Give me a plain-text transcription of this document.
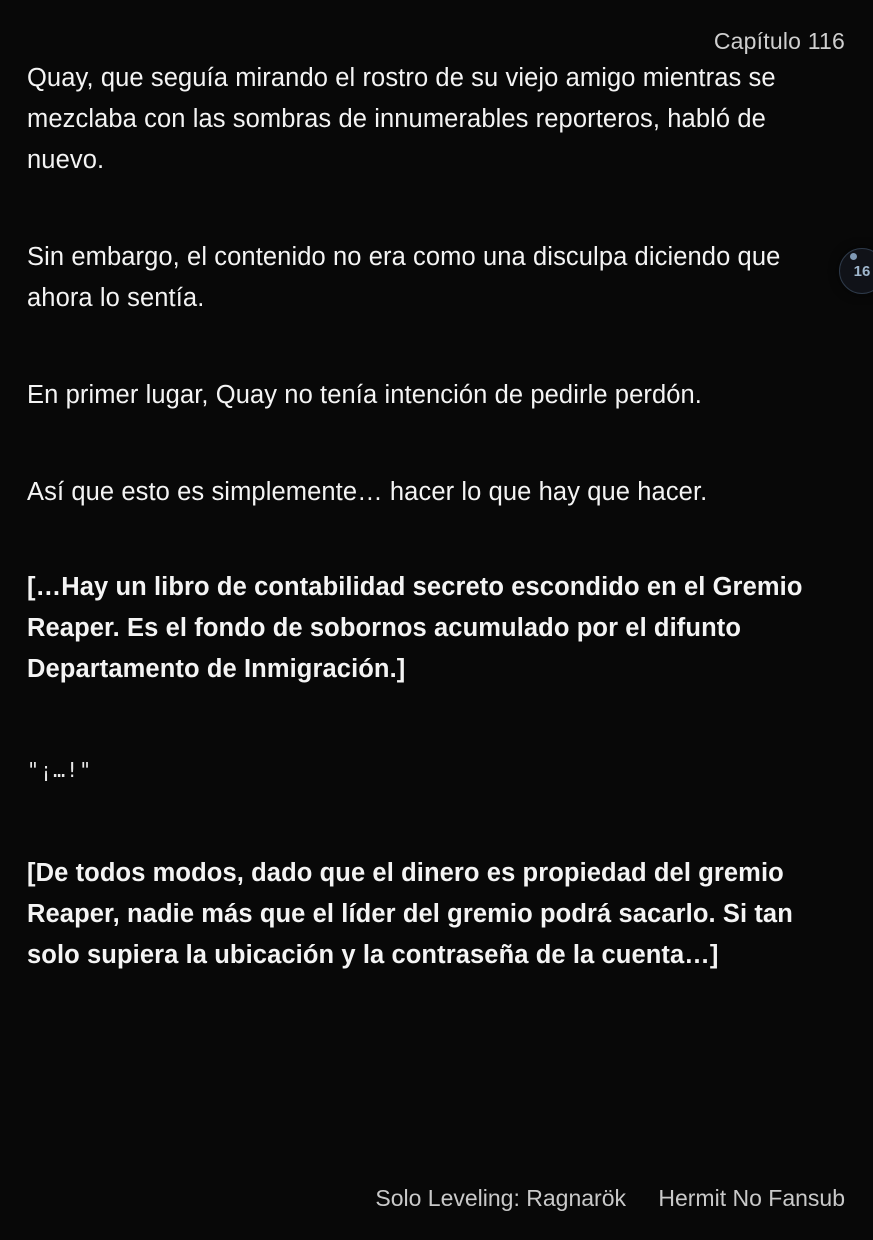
Capítulo 116

Quay, que seguía mirando el rostro de su viejo amigo mientras se mezclaba con las sombras de innumerables reporteros, habló de nuevo.

Sin embargo, el contenido no era como una disculpa diciendo que ahora lo sentía.

En primer lugar, Quay no tenía intención de pedirle perdón.

Así que esto es simplemente… hacer lo que hay que hacer.

[…Hay un libro de contabilidad secreto escondido en el Gremio Reaper. Es el fondo de sobornos acumulado por el difunto Departamento de Inmigración.]

"¡…!"

[De todos modos, dado que el dinero es propiedad del gremio Reaper, nadie más que el líder del gremio podrá sacarlo. Si tan solo supiera la ubicación y la contraseña de la cuenta…]

16
Solo Leveling: Ragnarök Hermit No Fansub
